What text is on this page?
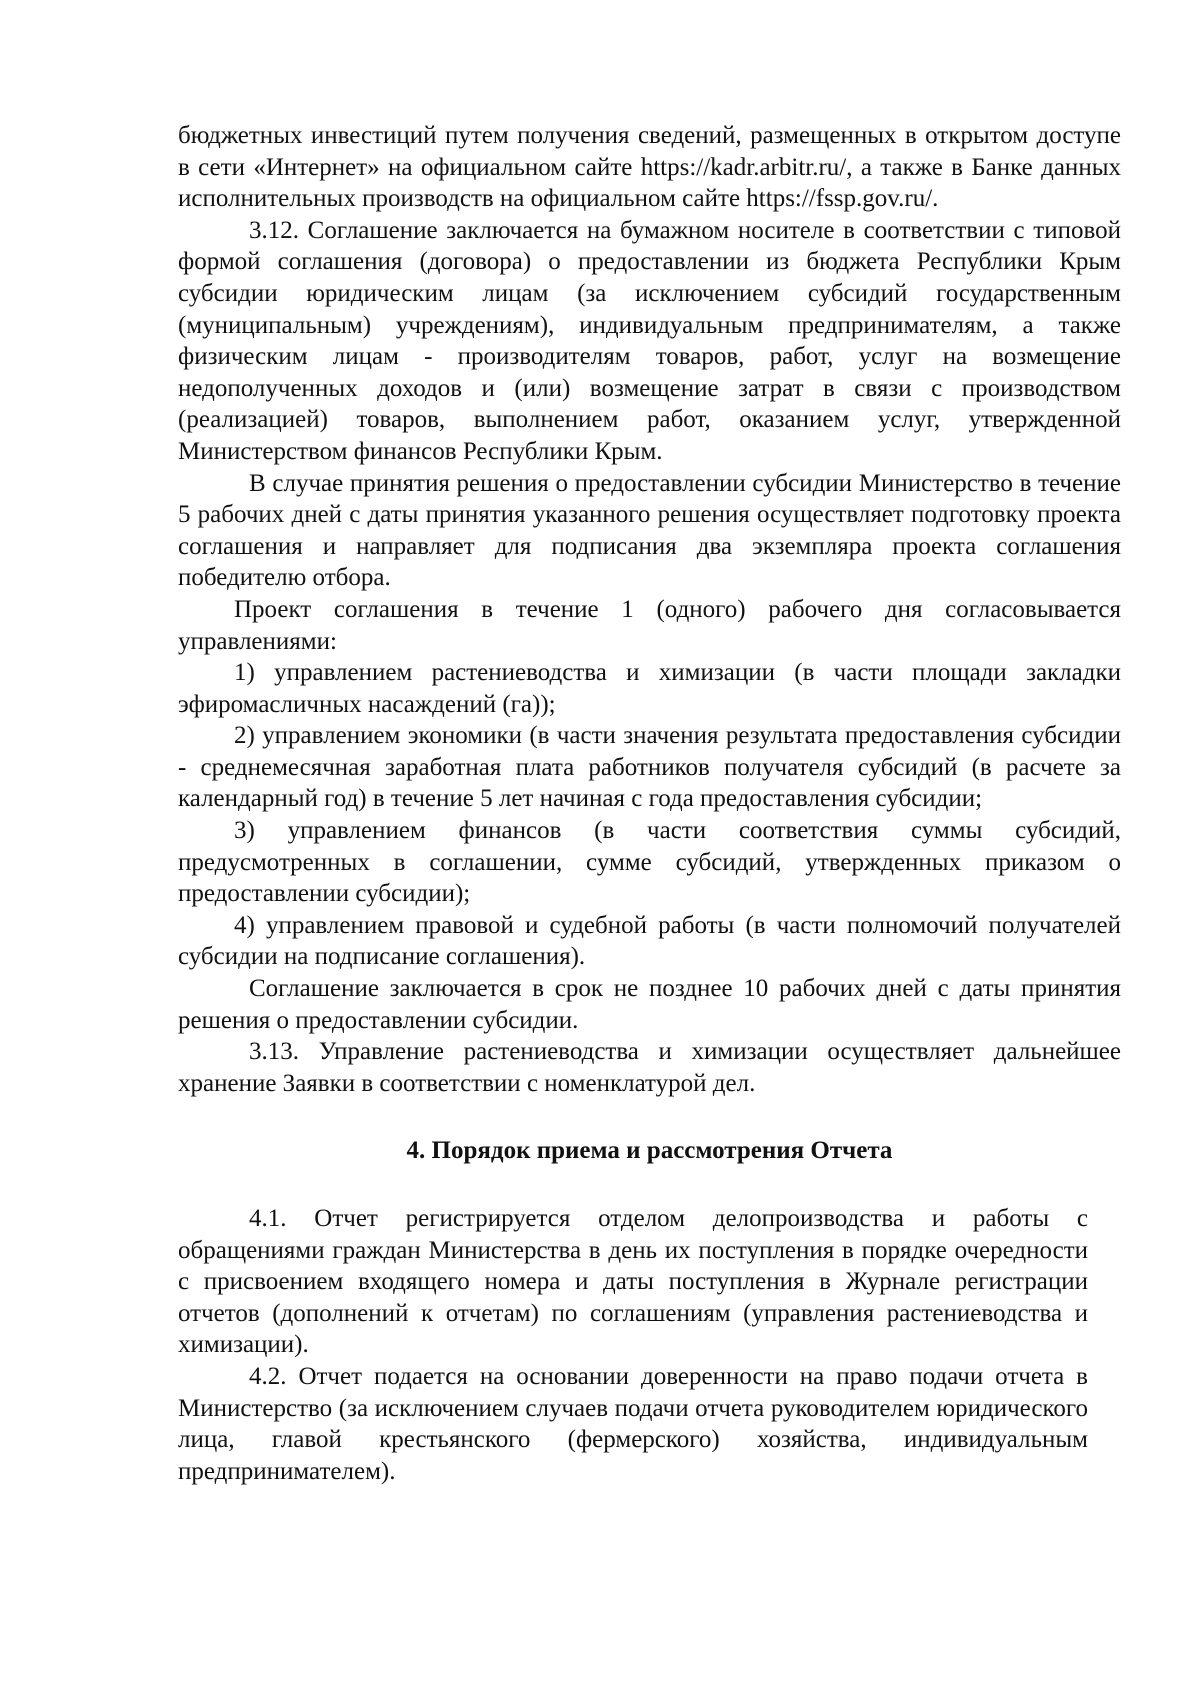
бюджетных инвестиций путем получения сведений, размещенных в открытом доступе в сети «Интернет» на официальном сайте https://kadr.arbitr.ru/, а также в Банке данных исполнительных производств на официальном сайте https://fssp.gov.ru/.

3.12. Соглашение заключается на бумажном носителе в соответствии с типовой формой соглашения (договора) о предоставлении из бюджета Республики Крым субсидии юридическим лицам (за исключением субсидий государственным (муниципальным) учреждениям), индивидуальным предпринимателям, а также физическим лицам - производителям товаров, работ, услуг на возмещение недополученных доходов и (или) возмещение затрат в связи с производством (реализацией) товаров, выполнением работ, оказанием услуг, утвержденной Министерством финансов Республики Крым.

В случае принятия решения о предоставлении субсидии Министерство в течение 5 рабочих дней с даты принятия указанного решения осуществляет подготовку проекта соглашения и направляет для подписания два экземпляра проекта соглашения победителю отбора.

Проект соглашения в течение 1 (одного) рабочего дня согласовывается управлениями:

1) управлением растениеводства и химизации (в части площади закладки эфиромасличных насаждений (га));

2) управлением экономики (в части значения результата предоставления субсидии - среднемесячная заработная плата работников получателя субсидий (в расчете за календарный год) в течение 5 лет начиная с года предоставления субсидии;

3) управлением финансов (в части соответствия суммы субсидий, предусмотренных в соглашении, сумме субсидий, утвержденных приказом о предоставлении субсидии);

4) управлением правовой и судебной работы (в части полномочий получателей субсидии на подписание соглашения).

Соглашение заключается в срок не позднее 10 рабочих дней с даты принятия решения о предоставлении субсидии.

3.13. Управление растениеводства и химизации осуществляет дальнейшее хранение Заявки в соответствии с номенклатурой дел.

4. Порядок приема и рассмотрения Отчета

4.1. Отчет регистрируется отделом делопроизводства и работы с обращениями граждан Министерства в день их поступления в порядке очередности с присвоением входящего номера и даты поступления в Журнале регистрации отчетов (дополнений к отчетам) по соглашениям (управления растениеводства и химизации).

4.2. Отчет подается на основании доверенности на право подачи отчета в Министерство (за исключением случаев подачи отчета руководителем юридического лица, главой крестьянского (фермерского) хозяйства, индивидуальным предпринимателем).
